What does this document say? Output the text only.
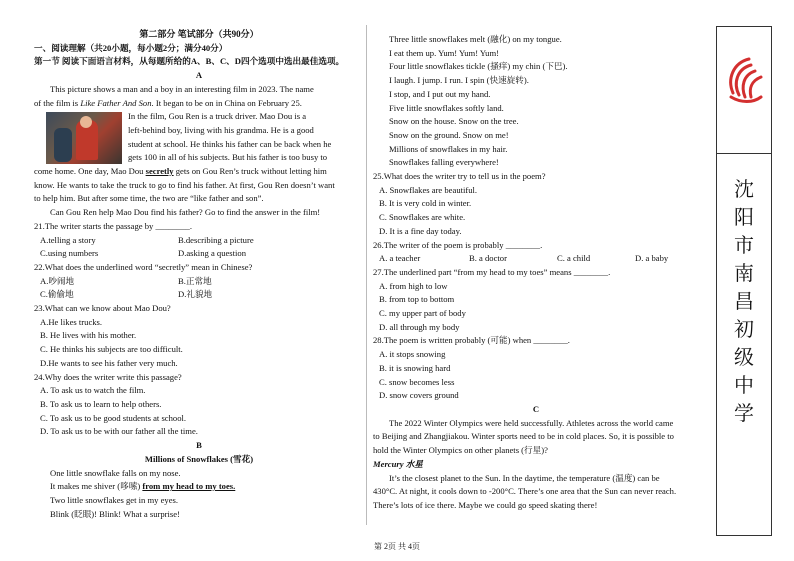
第二部分 笔试部分（共90分）

一、阅读理解（共20小题，每小题2分；满分40分）

第一节 阅读下面语言材料，从每题所给的A、B、C、D四个选项中选出最佳选项。

A

This picture shows a man and a boy in an interesting film in 2023. The name

of the film is Like Father And Son. It began to be on in China on February 25.

In the film, Gou Ren is a truck driver. Mao Dou is a

left-behind boy, living with his grandma. He is a good

student at school. He thinks his father can be back when he

gets 100 in all of his subjects. But his father is too busy to

come home. One day, Mao Dou secretly gets on Gou Ren’s truck without letting him

know. He wants to take the truck to go to find his father. At first, Gou Ren doesn’t want

to help him. But after some time, the two are “like father and son”.

Can Gou Ren help Mao Dou find his father? Go to find the answer in the film!

21.The writer starts the passage by ________.

A.telling a story	B.describing a picture
C.using numbers	D.asking a question

22.What does the underlined word “secretly” mean in Chinese?

A.吵闹地	B.正常地
C.偷偷地	D.礼貌地

23.What can we know about Mao Dou?

A.He likes trucks.

B. He lives with his mother.

C. He thinks his subjects are too difficult.

D.He wants to see his father very much.

24.Why does the writer write this passage?

A. To ask us to watch the film.

B. To ask us to learn to help others.

C. To ask us to be good students at school.

D. To ask us to be with our father all the time.

B

Millions of Snowflakes (雪花)

One little snowflake falls on my nose.

It makes me shiver (哆嗦) from my head to my toes.

Two little snowflakes get in my eyes.

Blink (眨眼)! Blink! What a surprise!

Three little snowflakes melt (融化) on my tongue.

I eat them up. Yum! Yum! Yum!

Four little snowflakes tickle (搔痒) my chin (下巴).

I laugh. I jump. I run. I spin (快速旋转).

I stop, and I put out my hand.

Five little snowflakes softly land.

Snow on the house. Snow on the tree.

Snow on the ground. Snow on me!

Millions of snowflakes in my hair.

Snowflakes falling everywhere!

25.What does the writer try to tell us in the poem?

A. Snowflakes are beautiful.

B. It is very cold in winter.

C. Snowflakes are white.

D. It is a fine day today.

26.The writer of the poem is probably ________.

A. a teacher	B. a doctor	C. a child	D. a baby

27.The underlined part “from my head to my toes” means ________.

A. from high to low

B. from top to bottom

C. my upper part of body

D. all through my body

28.The poem is written probably (可能) when ________.

A. it stops snowing

B. it is snowing hard

C. snow becomes less

D. snow covers ground

C

The 2022 Winter Olympics were held successfully. Athletes across the world came

to Beijing and Zhangjiakou. Winter sports need to be in cold places. So, it is possible to

hold the Winter Olympics on other planets (行星)?

Mercury 水星

It’s the closest planet to the Sun. In the daytime, the temperature (温度) can be

430°C. At night, it cools down to -200°C. There’s one area that the Sun can never reach.

There’s lots of ice there. Maybe we could go speed skating there!

沈
阳
市
南
昌
初
级
中
学
第 2页 共 4页
